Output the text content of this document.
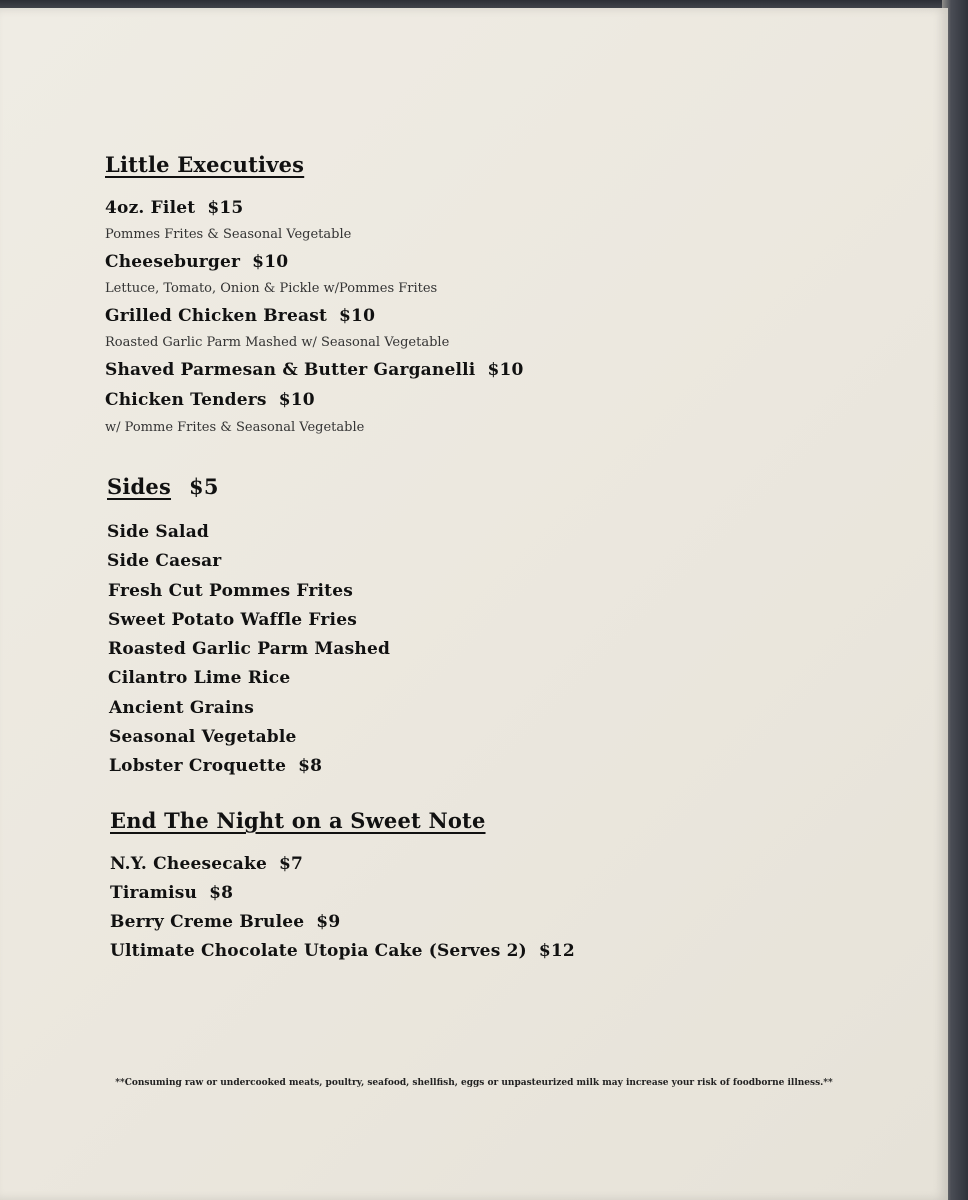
Little Executives
4oz. Filet $15
Pommes Frites & Seasonal Vegetable
Cheeseburger $10
Lettuce, Tomato, Onion & Pickle w/Pommes Frites
Grilled Chicken Breast $10
Roasted Garlic Parm Mashed w/ Seasonal Vegetable
Shaved Parmesan & Butter Garganelli $10
Chicken Tenders $10
w/ Pomme Frites & Seasonal Vegetable
Sides $5
Side Salad
Side Caesar
Fresh Cut Pommes Frites
Sweet Potato Waffle Fries
Roasted Garlic Parm Mashed
Cilantro Lime Rice
Ancient Grains
Seasonal Vegetable
Lobster Croquette $8
End The Night on a Sweet Note
N.Y. Cheesecake $7
Tiramisu $8
Berry Creme Brulee $9
Ultimate Chocolate Utopia Cake (Serves 2) $12
**Consuming raw or undercooked meats, poultry, seafood, shellfish, eggs or unpasteurized milk may increase your risk of foodborne illness.**
